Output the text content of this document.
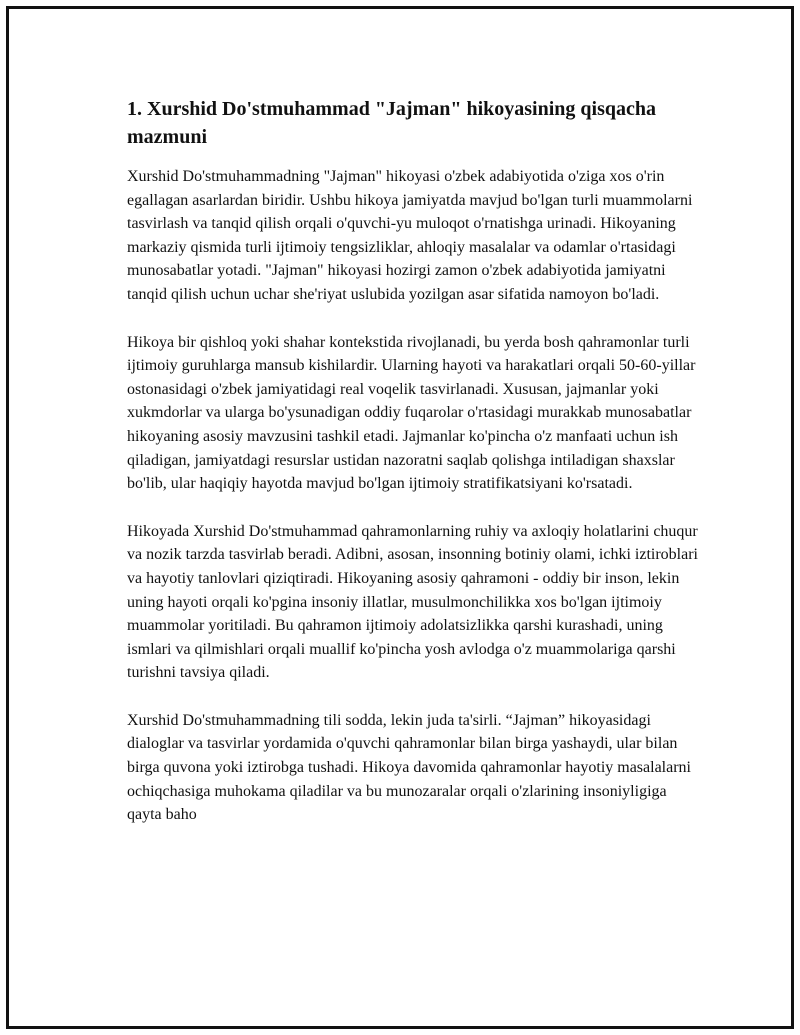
1. Xurshid Do'stmuhammad "Jajman" hikoyasining qisqacha mazmuni

Xurshid Do'stmuhammadning "Jajman" hikoyasi o'zbek adabiyotida o'ziga xos o'rin egallagan asarlardan biridir. Ushbu hikoya jamiyatda mavjud bo'lgan turli muammolarni tasvirlash va tanqid qilish orqali o'quvchi-yu muloqot o'rnatishga urinadi. Hikoyaning markaziy qismida turli ijtimoiy tengsizliklar, ahloqiy masalalar va odamlar o'rtasidagi munosabatlar yotadi. "Jajman" hikoyasi hozirgi zamon o'zbek adabiyotida jamiyatni tanqid qilish uchun uchar she'riyat uslubida yozilgan asar sifatida namoyon bo'ladi.

Hikoya bir qishloq yoki shahar kontekstida rivojlanadi, bu yerda bosh qahramonlar turli ijtimoiy guruhlarga mansub kishilardir. Ularning hayoti va harakatlari orqali 50-60-yillar ostonasidagi o'zbek jamiyatidagi real voqelik tasvirlanadi. Xususan, jajmanlar yoki xukmdorlar va ularga bo'ysunadigan oddiy fuqarolar o'rtasidagi murakkab munosabatlar hikoyaning asosiy mavzusini tashkil etadi. Jajmanlar ko'pincha o'z manfaati uchun ish qiladigan, jamiyatdagi resurslar ustidan nazoratni saqlab qolishga intiladigan shaxslar bo'lib, ular haqiqiy hayotda mavjud bo'lgan ijtimoiy stratifikatsiyani ko'rsatadi.

Hikoyada Xurshid Do'stmuhammad qahramonlarning ruhiy va axloqiy holatlarini chuqur va nozik tarzda tasvirlab beradi. Adibni, asosan, insonning botiniy olami, ichki iztiroblari va hayotiy tanlovlari qiziqtiradi. Hikoyaning asosiy qahramoni - oddiy bir inson, lekin uning hayoti orqali ko'pgina insoniy illatlar, musulmonchilikka xos bo'lgan ijtimoiy muammolar yoritiladi. Bu qahramon ijtimoiy adolatsizlikka qarshi kurashadi, uning ismlari va qilmishlari orqali muallif ko'pincha yosh avlodga o'z muammolariga qarshi turishni tavsiya qiladi.

Xurshid Do'stmuhammadning tili sodda, lekin juda ta'sirli. “Jajman” hikoyasidagi dialoglar va tasvirlar yordamida o'quvchi qahramonlar bilan birga yashaydi, ular bilan birga quvona yoki iztirobga tushadi. Hikoya davomida qahramonlar hayotiy masalalarni ochiqchasiga muhokama qiladilar va bu munozaralar orqali o'zlarining insoniyligiga qayta baho
